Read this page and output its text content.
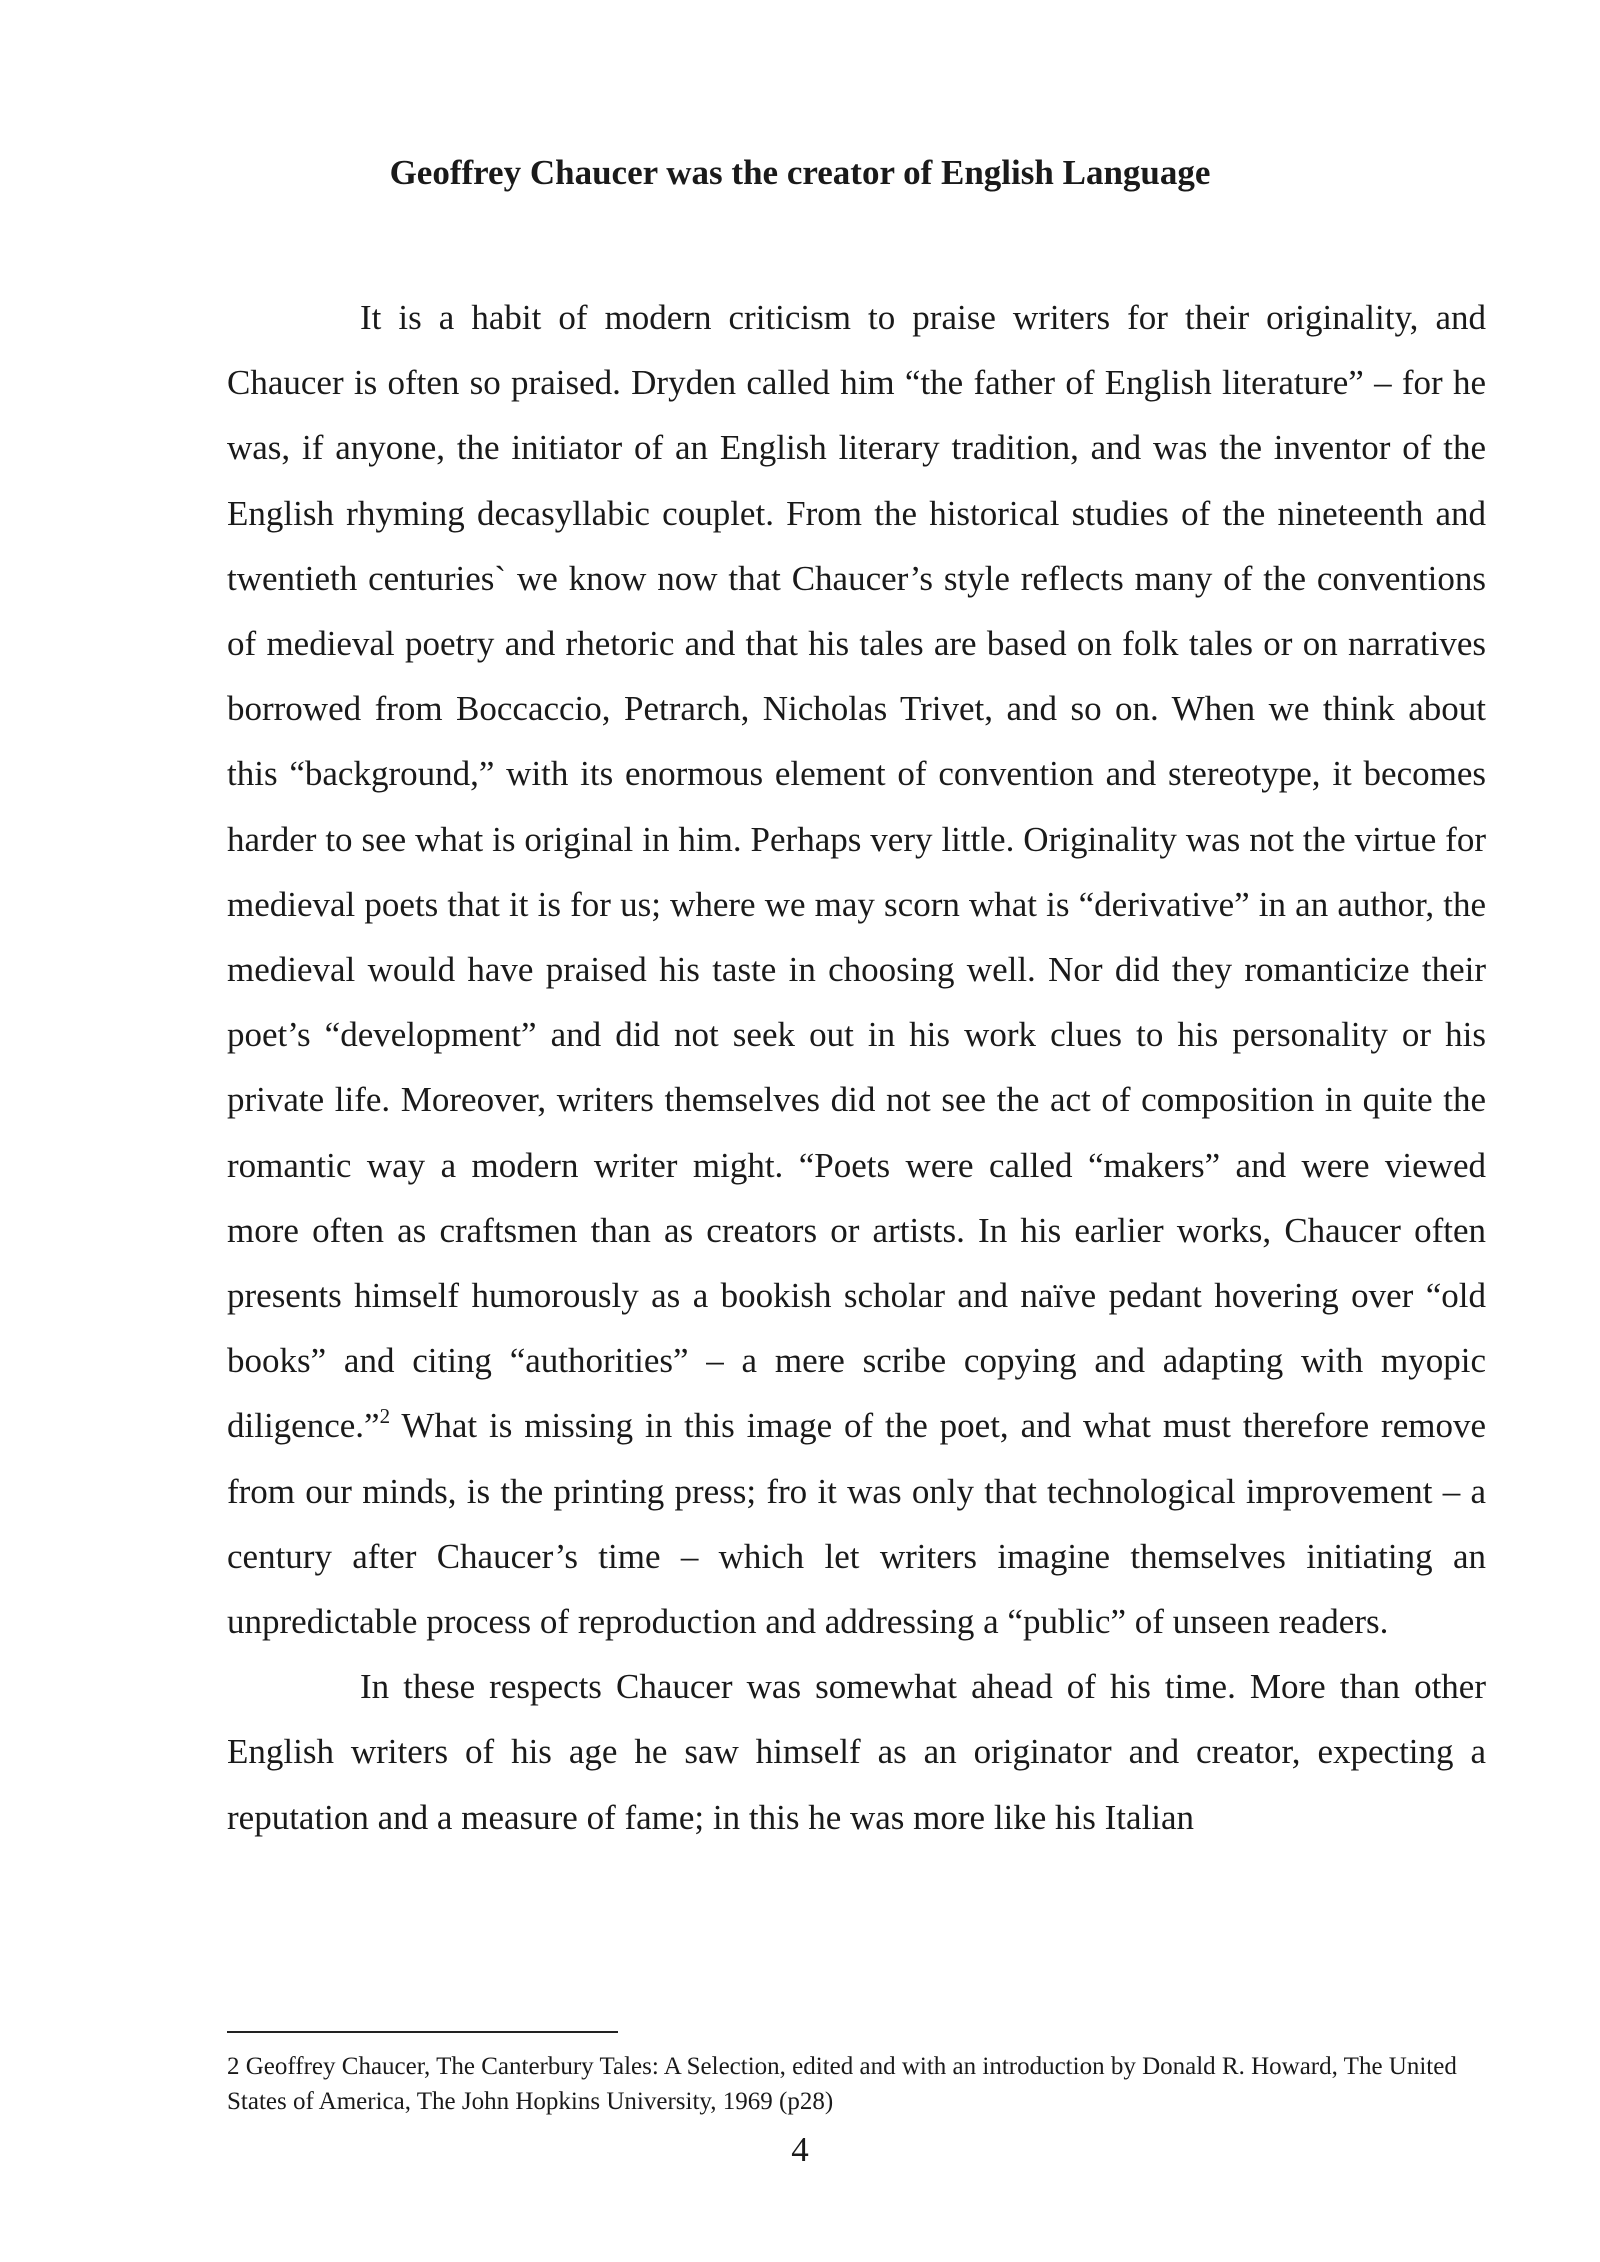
Geoffrey Chaucer was the creator of English Language

It is a habit of modern criticism to praise writers for their originality, and Chaucer is often so praised. Dryden called him “the father of English literature” – for he was, if anyone, the initiator of an English literary tradition, and was the inventor of the English rhyming decasyllabic couplet. From the historical studies of the nineteenth and twentieth centuries` we know now that Chaucer’s style reflects many of the conventions of medieval poetry and rhetoric and that his tales are based on folk tales or on narratives borrowed from Boccaccio, Petrarch, Nicholas Trivet, and so on. When we think about this “background,” with its enormous element of convention and stereotype, it becomes harder to see what is original in him. Perhaps very little. Originality was not the virtue for medieval poets that it is for us; where we may scorn what is “derivative” in an author, the medieval would have praised his taste in choosing well. Nor did they romanticize their poet’s “development” and did not seek out in his work clues to his personality or his private life. Moreover, writers themselves did not see the act of composition in quite the romantic way a modern writer might. “Poets were called “makers” and were viewed more often as craftsmen than as creators or artists. In his earlier works, Chaucer often presents himself humorously as a bookish scholar and naïve pedant hovering over “old books” and citing “authorities” – a mere scribe copying and adapting with myopic diligence.”$^2$ What is missing in this image of the poet, and what must therefore remove from our minds, is the printing press; fro it was only that technological improvement – a century after Chaucer’s time – which let writers imagine themselves initiating an unpredictable process of reproduction and addressing a “public” of unseen readers.

In these respects Chaucer was somewhat ahead of his time. More than other English writers of his age he saw himself as an originator and creator, expecting a reputation and a measure of fame; in this he was more like his Italian

2 Geoffrey Chaucer, The Canterbury Tales: A Selection, edited and with an introduction by Donald R. Howard, The United States of America, The John Hopkins University, 1969 (p28)

4
